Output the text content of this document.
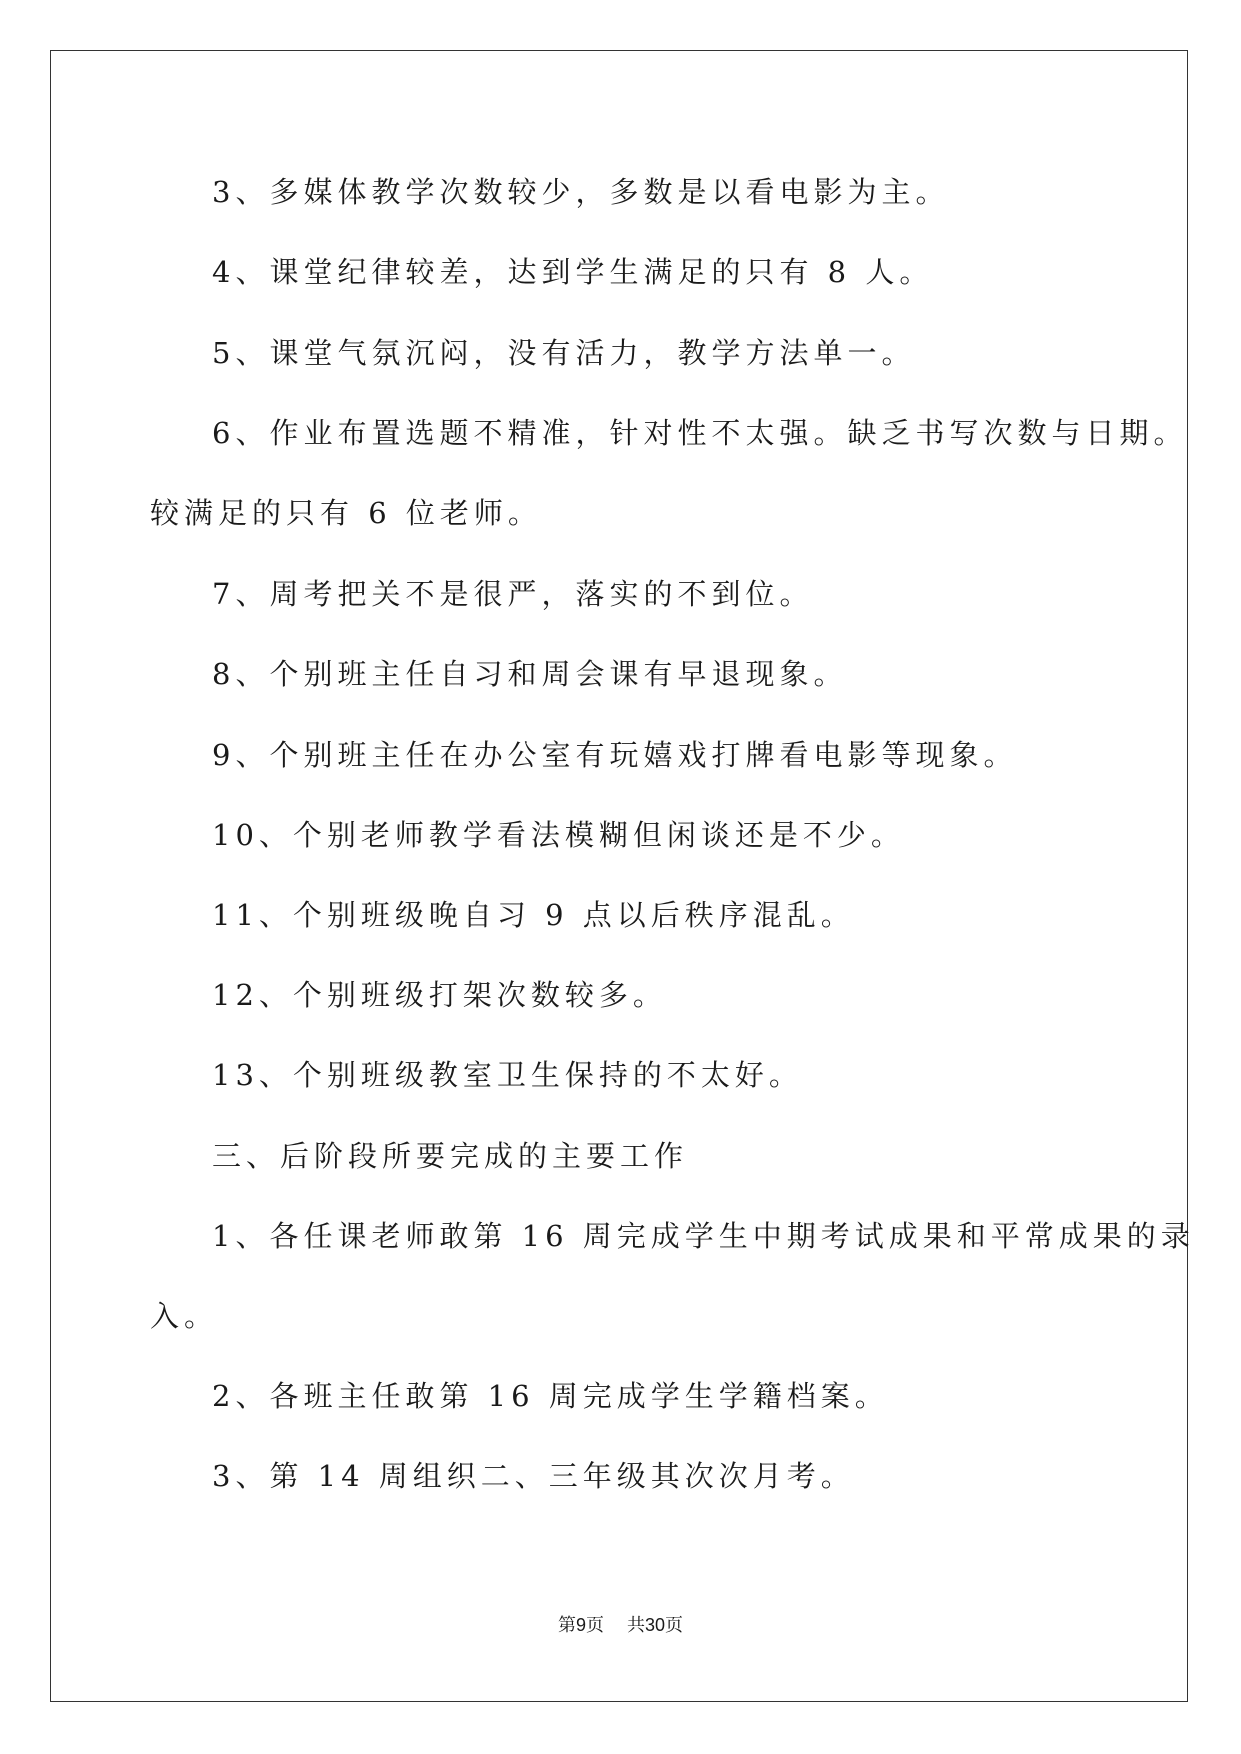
3、多媒体教学次数较少，多数是以看电影为主。
4、课堂纪律较差，达到学生满足的只有 8 人。
5、课堂气氛沉闷，没有活力，教学方法单一。
6、作业布置选题不精准，针对性不太强。缺乏书写次数与日期。
较满足的只有 6 位老师。
7、周考把关不是很严，落实的不到位。
8、个别班主任自习和周会课有早退现象。
9、个别班主任在办公室有玩嬉戏打牌看电影等现象。
10、个别老师教学看法模糊但闲谈还是不少。
11、个别班级晚自习 9 点以后秩序混乱。
12、个别班级打架次数较多。
13、个别班级教室卫生保持的不太好。
三、后阶段所要完成的主要工作
1、各任课老师敢第 16 周完成学生中期考试成果和平常成果的录
入。
2、各班主任敢第 16 周完成学生学籍档案。
3、第 14 周组织二、三年级其次次月考。
第9页 共30页
